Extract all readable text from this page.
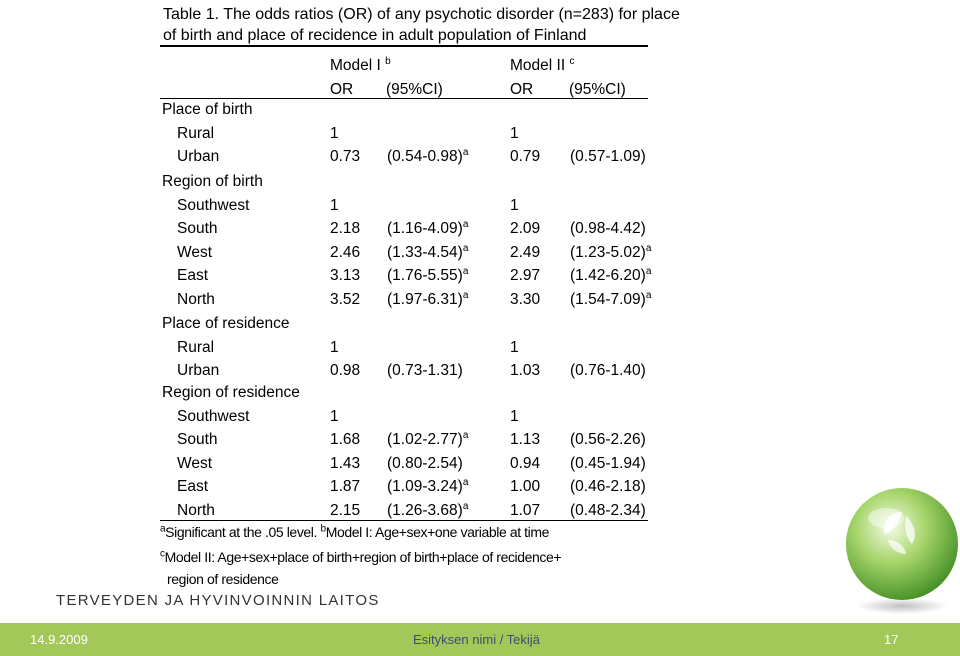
Table 1. The odds ratios (OR) of any psychotic disorder (n=283) for place
of birth and place of recidence in adult population of Finland
Model I $^b$	Model II $^c$
OR (95%CI)	OR (95%CI)
Place of birth
Rural	1	1
Urban	0.73 $(0.54-0.98)^a$	0.79 (0.57-1.09)
Region of birth
Southwest	1	1
South	2.18 $(1.16-4.09)^a$	2.09 (0.98-4.42)
West	2.46 $(1.33-4.54)^a$	2.49 $(1.23-5.02)^a$
East	3.13 $(1.76-5.55)^a$	2.97 $(1.42-6.20)^a$
North	3.52 $(1.97-6.31)^a$	3.30 $(1.54-7.09)^a$
Place of residence
Rural	1	1
Urban	0.98 (0.73-1.31)	1.03 (0.76-1.40)
Region of residence
Southwest	1	1
South	1.68 $(1.02-2.77)^a$	1.13 (0.56-2.26)
West	1.43 (0.80-2.54)	0.94 (0.45-1.94)
East	1.87 $(1.09-3.24)^a$	1.00 (0.46-2.18)
North	2.15 $(1.26-3.68)^a$	1.07 (0.48-2.34)
$^a$Significant at the .05 level. $^b$Model I: Age+sex+one variable at time
$^c$Model II: Age+sex+place of birth+region of birth+place of recidence+
region of residence
TERVEYDEN JA HYVINVOINNIN LAITOS
14.9.2009	Esityksen nimi / Tekijä	17
